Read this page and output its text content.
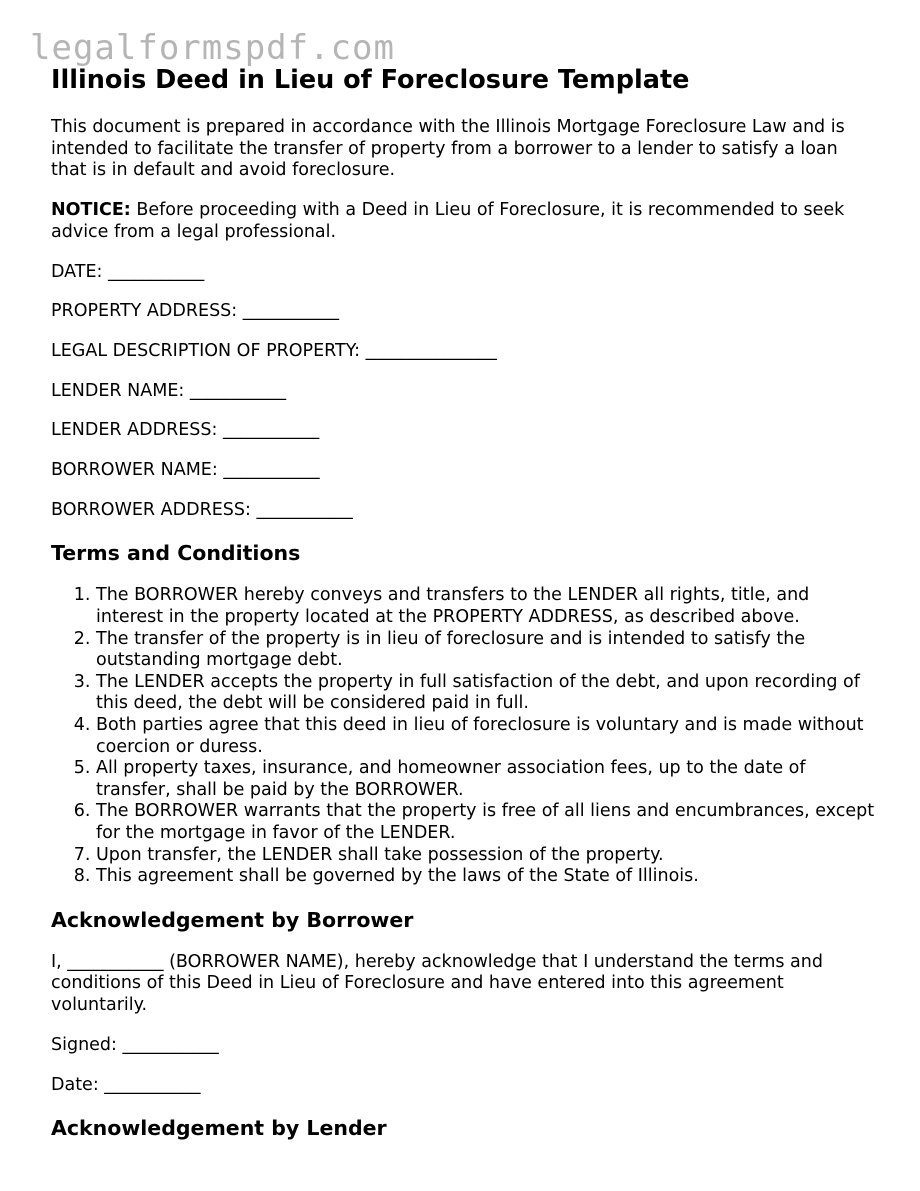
legalformspdf.com
Illinois Deed in Lieu of Foreclosure Template

This document is prepared in accordance with the Illinois Mortgage Foreclosure Law and is intended to facilitate the transfer of property from a borrower to a lender to satisfy a loan that is in default and avoid foreclosure.

NOTICE: Before proceeding with a Deed in Lieu of Foreclosure, it is recommended to seek advice from a legal professional.

DATE: ___________

PROPERTY ADDRESS: ___________

LEGAL DESCRIPTION OF PROPERTY: _______________

LENDER NAME: ___________

LENDER ADDRESS: ___________

BORROWER NAME: ___________

BORROWER ADDRESS: ___________

Terms and Conditions
1. The BORROWER hereby conveys and transfers to the LENDER all rights, title, and interest in the property located at the PROPERTY ADDRESS, as described above.
2. The transfer of the property is in lieu of foreclosure and is intended to satisfy the outstanding mortgage debt.
3. The LENDER accepts the property in full satisfaction of the debt, and upon recording of this deed, the debt will be considered paid in full.
4. Both parties agree that this deed in lieu of foreclosure is voluntary and is made without coercion or duress.
5. All property taxes, insurance, and homeowner association fees, up to the date of transfer, shall be paid by the BORROWER.
6. The BORROWER warrants that the property is free of all liens and encumbrances, except for the mortgage in favor of the LENDER.
7. Upon transfer, the LENDER shall take possession of the property.
8. This agreement shall be governed by the laws of the State of Illinois.
Acknowledgement by Borrower

I, ___________ (BORROWER NAME), hereby acknowledge that I understand the terms and conditions of this Deed in Lieu of Foreclosure and have entered into this agreement voluntarily.

Signed: ___________

Date: ___________

Acknowledgement by Lender
